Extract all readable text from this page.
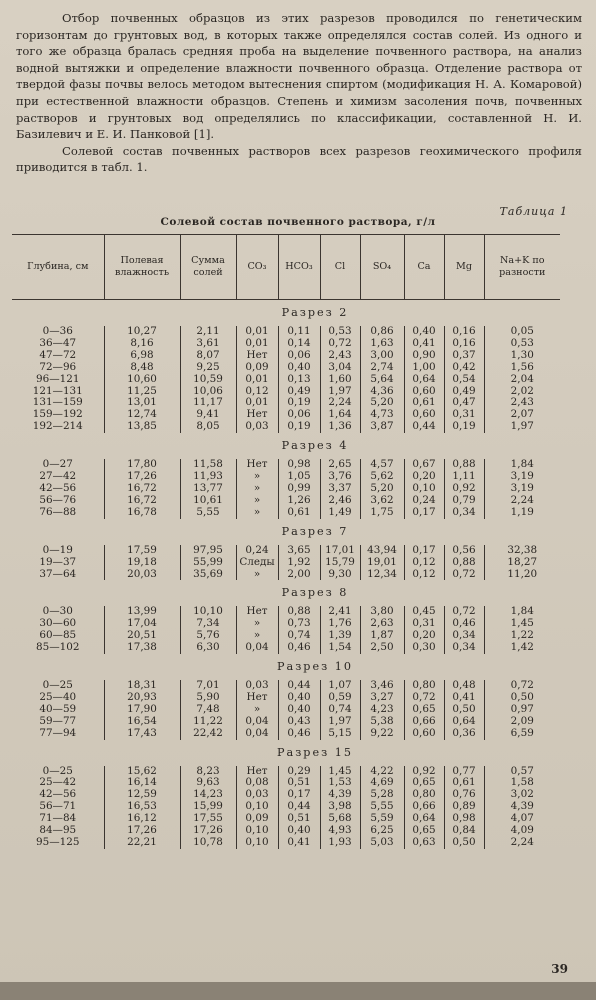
Отбор почвенных образцов из этих разрезов проводился по генетическим горизонтам до грунтовых вод, в которых также определялся состав солей. Из одного и того же образца бралась средняя проба на выделение почвенного раствора, на анализ водной вытяжки и определение влажности почвенного образца. Отделение раствора от твердой фазы почвы велось методом вытеснения спиртом (модификация Н. А. Комаровой) при естественной влажности образцов. Степень и химизм засоления почв, почвенных растворов и грунтовых вод определялись по классификации, составленной Н. И. Базилевич и Е. И. Панковой [1].

Солевой состав почвенных растворов всех разрезов геохимического профиля приводится в табл. 1.

Таблица 1
Солевой состав почвенного раствора, г/л
Глубина, см	Полевая влажность	Сумма солей	CO₃	HCO₃	Cl	SO₄	Ca	Mg	Na+K по разности
Разрез 2									
0—36	10,27	2,11	0,01	0,11	0,53	0,86	0,40	0,16	0,05
36—47	8,16	3,61	0,01	0,14	0,72	1,63	0,41	0,16	0,53
47—72	6,98	8,07	Нет	0,06	2,43	3,00	0,90	0,37	1,30
72—96	8,48	9,25	0,09	0,40	3,04	2,74	1,00	0,42	1,56
96—121	10,60	10,59	0,01	0,13	1,60	5,64	0,64	0,54	2,04
121—131	11,25	10,06	0,12	0,49	1,97	4,36	0,60	0,49	2,02
131—159	13,01	11,17	0,01	0,19	2,24	5,20	0,61	0,47	2,43
159—192	12,74	9,41	Нет	0,06	1,64	4,73	0,60	0,31	2,07
192—214	13,85	8,05	0,03	0,19	1,36	3,87	0,44	0,19	1,97
Разрез 4									
0—27	17,80	11,58	Нет	0,98	2,65	4,57	0,67	0,88	1,84
27—42	17,26	11,93	»	1,05	3,76	5,62	0,20	1,11	3,19
42—56	16,72	13,77	»	0,99	3,37	5,20	0,10	0,92	3,19
56—76	16,72	10,61	»	1,26	2,46	3,62	0,24	0,79	2,24
76—88	16,78	5,55	»	0,61	1,49	1,75	0,17	0,34	1,19
Разрез 7									
0—19	17,59	97,95	0,24	3,65	17,01	43,94	0,17	0,56	32,38
19—37	19,18	55,99	Следы	1,92	15,79	19,01	0,12	0,88	18,27
37—64	20,03	35,69	»	2,00	9,30	12,34	0,12	0,72	11,20
Разрез 8									
0—30	13,99	10,10	Нет	0,88	2,41	3,80	0,45	0,72	1,84
30—60	17,04	7,34	»	0,73	1,76	2,63	0,31	0,46	1,45
60—85	20,51	5,76	»	0,74	1,39	1,87	0,20	0,34	1,22
85—102	17,38	6,30	0,04	0,46	1,54	2,50	0,30	0,34	1,42
Разрез 10									
0—25	18,31	7,01	0,03	0,44	1,07	3,46	0,80	0,48	0,72
25—40	20,93	5,90	Нет	0,40	0,59	3,27	0,72	0,41	0,50
40—59	17,90	7,48	»	0,40	0,74	4,23	0,65	0,50	0,97
59—77	16,54	11,22	0,04	0,43	1,97	5,38	0,66	0,64	2,09
77—94	17,43	22,42	0,04	0,46	5,15	9,22	0,60	0,36	6,59
Разрез 15									
0—25	15,62	8,23	Нет	0,29	1,45	4,22	0,92	0,77	0,57
25—42	16,14	9,63	0,08	0,51	1,53	4,69	0,65	0,61	1,58
42—56	12,59	14,23	0,03	0,17	4,39	5,28	0,80	0,76	3,02
56—71	16,53	15,99	0,10	0,44	3,98	5,55	0,66	0,89	4,39
71—84	16,12	17,55	0,09	0,51	5,68	5,59	0,64	0,98	4,07
84—95	17,26	17,26	0,10	0,40	4,93	6,25	0,65	0,84	4,09
95—125	22,21	10,78	0,10	0,41	1,93	5,03	0,63	0,50	2,24
39
